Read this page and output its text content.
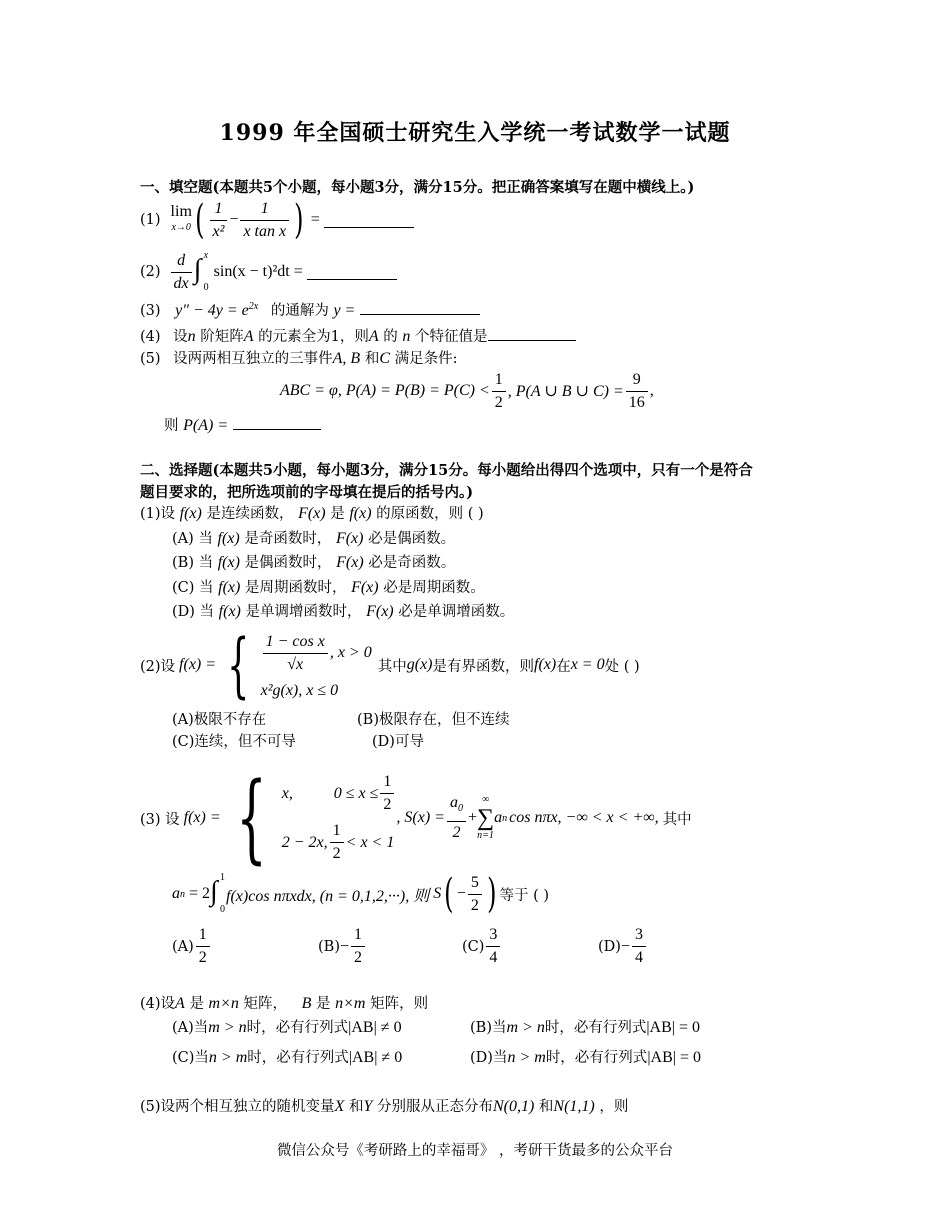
1999 年全国硕士研究生入学统一考试数学一试题
一、填空题(本题共5个小题，每小题3分，满分15分。把正确答案填写在题中横线上。)
(1) lim
x→0 ( $\frac{1}{\text{x²}} - \frac{1}{\text{x tan x}}$ ) =
$(2) \frac{d}{dx}$ ∫ x
0
sin(x − t)²dt =
(3) y" − $4y = e^{2x}$ 的通解为 y =
(4) 设n 阶矩阵A 的元素全为1，则A 的 n 个特征值是
(5) 设两两相互独立的三事件A, B 和C 满足条件:
ABC = φ, $P(A) = P(B) = P(C) < \frac{1}{2}$ , P(A ∪ B ∪ $C) = \frac{9}{16}$ ,
则 P(A) =
二、选择题(本题共5小题，每小题3分，满分15分。每小题给出得四个选项中，只有一个是符合
题目要求的，把所选项前的字母填在提后的括号内。)
(1)设 f(x) 是连续函数， F(x) 是 f(x) 的原函数，则 ( )
(A) 当 f(x) 是奇函数时， F(x) 必是偶函数。
(B) 当 f(x) 是偶函数时， F(x) 必是奇函数。
(C) 当 f(x) 是周期函数时， F(x) 必是周期函数。
(D) 当 f(x) 是单调增函数时， F(x) 必是单调增函数。
(2)设 f(x) = { $\frac{\text{1 − cos x}}{√x}$ , x > 0
x²g(x), x ≤ 0
其中 g(x) 是有界函数，则 f(x) 在 x = 0 处 ( )
(A)极限不存在	(B)极限存在，但不连续
(C)连续，但不可导	(D)可导
(3) 设 f(x) = { x,	$0 \le x \le \frac{1}{2}$
2 − 2x, $\frac{1}{2} < x < 1$
, $S(x) = \frac{a_0}{2}$ +
∞
∑
n=1
a n cos nπx, −∞ < x < +∞, 其中
a n = 2 ∫ 1
0
f(x)cos nπxdx, (n = 0,1,2,···), 则 S ( − $\frac{5}{2}$ ) 等于 ( )
$(A) \frac{1}{2}$	$(B) - \frac{1}{2}$	$(C) \frac{3}{4}$	$(D) - \frac{3}{4}$
(4)设A 是 m×n 矩阵， B 是 n×m 矩阵，则
(A)当m > n时，必有行列式|AB| ≠ 0	(B)当m > n时，必有行列式|AB| = 0
(C)当n > m时，必有行列式|AB| ≠ 0	(D)当n > m时，必有行列式|AB| = 0
(5)设两个相互独立的随机变量X 和Y 分别服从正态分布N(0,1) 和N(1,1) ，则
微信公众号《考研路上的幸福哥》 ，考研干货最多的公众平台
